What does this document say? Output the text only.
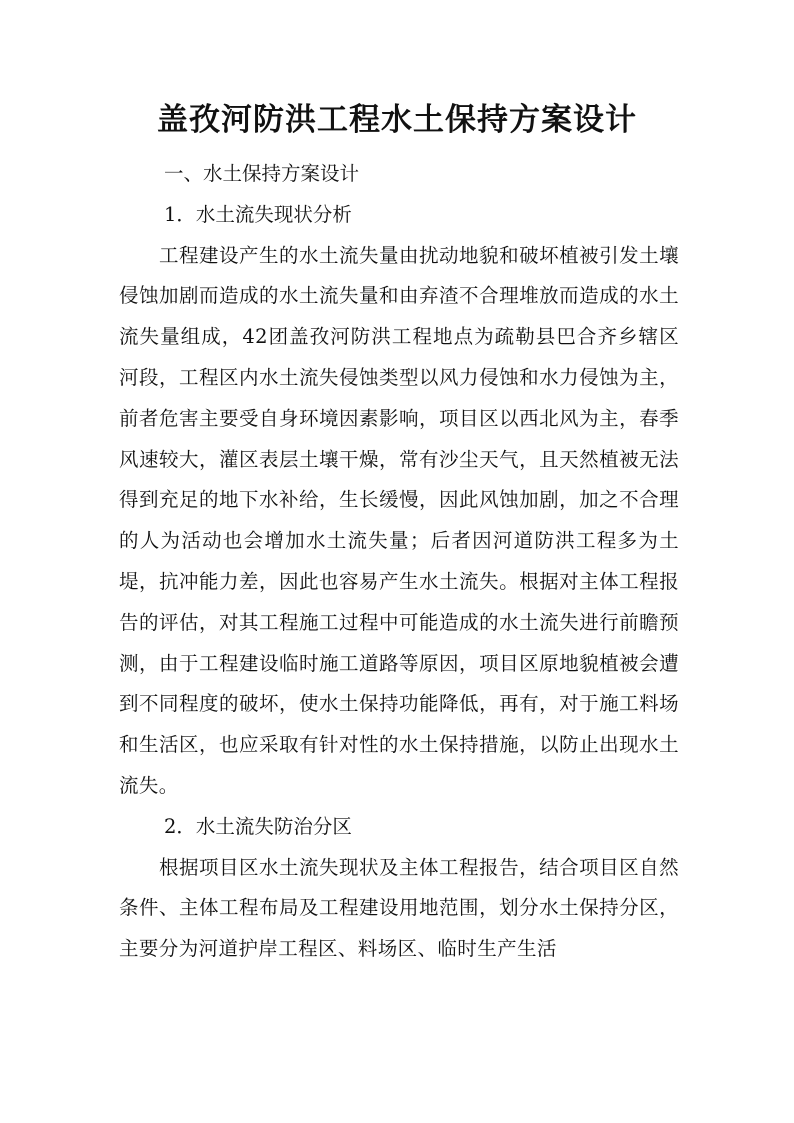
盖孜河防洪工程水土保持方案设计

一、水土保持方案设计

1．水土流失现状分析

工程建设产生的水土流失量由扰动地貌和破坏植被引发土壤侵蚀加剧而造成的水土流失量和由弃渣不合理堆放而造成的水土流失量组成，42团盖孜河防洪工程地点为疏勒县巴合齐乡辖区河段，工程区内水土流失侵蚀类型以风力侵蚀和水力侵蚀为主，前者危害主要受自身环境因素影响，项目区以西北风为主，春季风速较大，灌区表层土壤干燥，常有沙尘天气，且天然植被无法得到充足的地下水补给，生长缓慢，因此风蚀加剧，加之不合理的人为活动也会增加水土流失量；后者因河道防洪工程多为土堤，抗冲能力差，因此也容易产生水土流失。根据对主体工程报告的评估，对其工程施工过程中可能造成的水土流失进行前瞻预测，由于工程建设临时施工道路等原因，项目区原地貌植被会遭到不同程度的破坏，使水土保持功能降低，再有，对于施工料场和生活区，也应采取有针对性的水土保持措施，以防止出现水土流失。

2．水土流失防治分区

根据项目区水土流失现状及主体工程报告，结合项目区自然条件、主体工程布局及工程建设用地范围，划分水土保持分区，主要分为河道护岸工程区、料场区、临时生产生活
